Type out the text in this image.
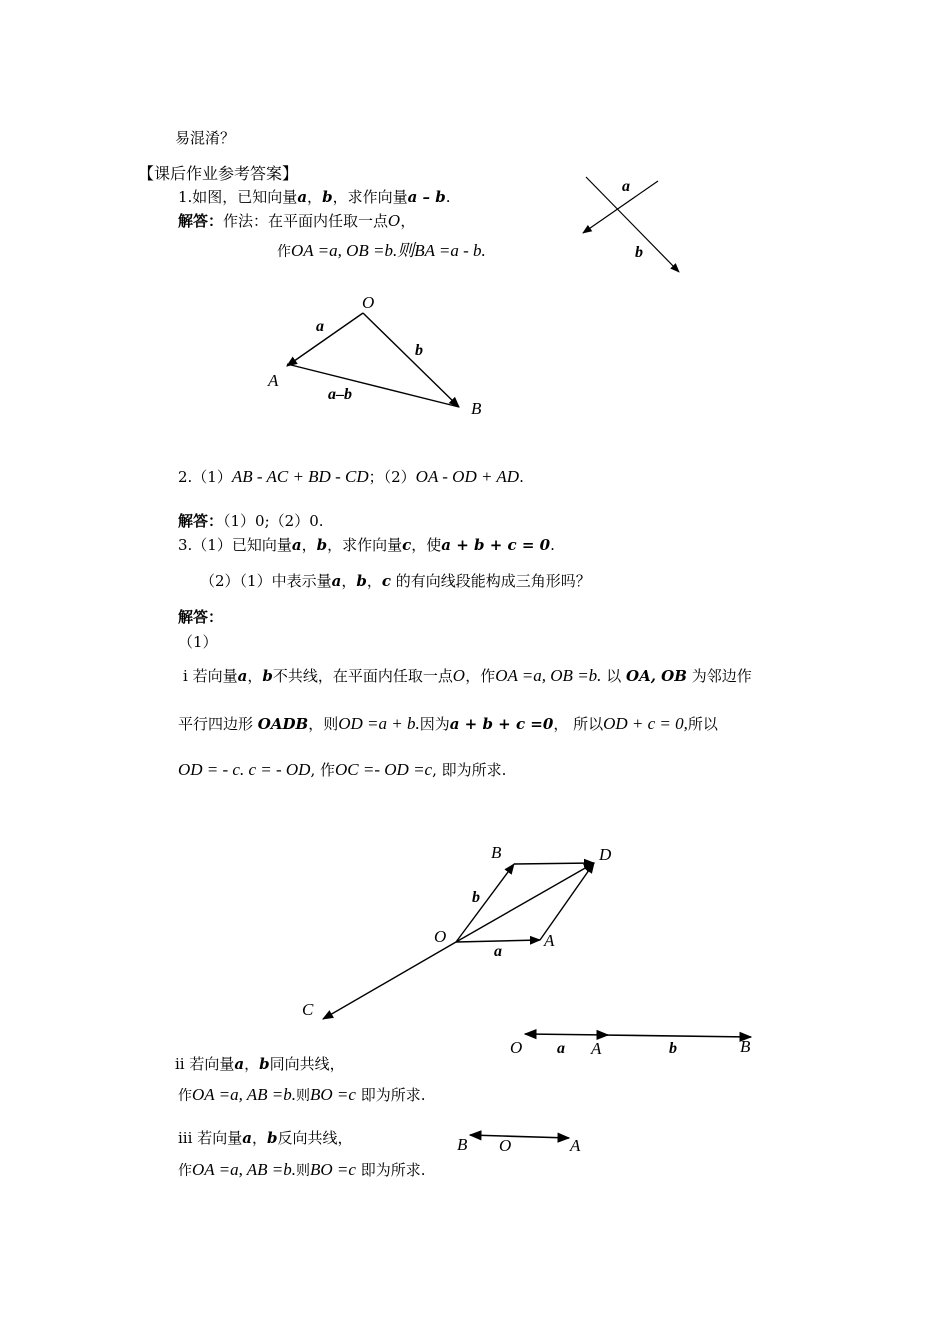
易混淆？
【课后作业参考答案】
1.如图，已知向量a，b，求作向量a – b.
解答：作法：在平面内任取一点O，
作OA =a, OB =b.则BA =a - b.
a
b
O
A
B
a
b
a–b
2.（1）AB - AC + BD - CD；（2）OA - OD + AD.
解答：（1）0;（2）0.
3.（1）已知向量a，b，求作向量c，使a + b + c = 0.
（2）（1）中表示量a，b，c 的有向线段能构成三角形吗？
解答：
（1）
i 若向量a，b不共线，在平面内任取一点O，作OA =a, OB =b. 以 OA, OB 为邻边作
平行四边形 OADB，则OD =a + b.因为a + b + c =0， 所以OD + c = 0,所以
OD = - c. c = - OD, 作OC =- OD =c, 即为所求.
B	D
O	A
C
a
b
O a A	b	B
ii 若向量a，b同向共线，
作OA =a, AB =b.则BO =c 即为所求.
B O	A
iii 若向量a，b反向共线，
作OA =a, AB =b.则BO =c 即为所求.
